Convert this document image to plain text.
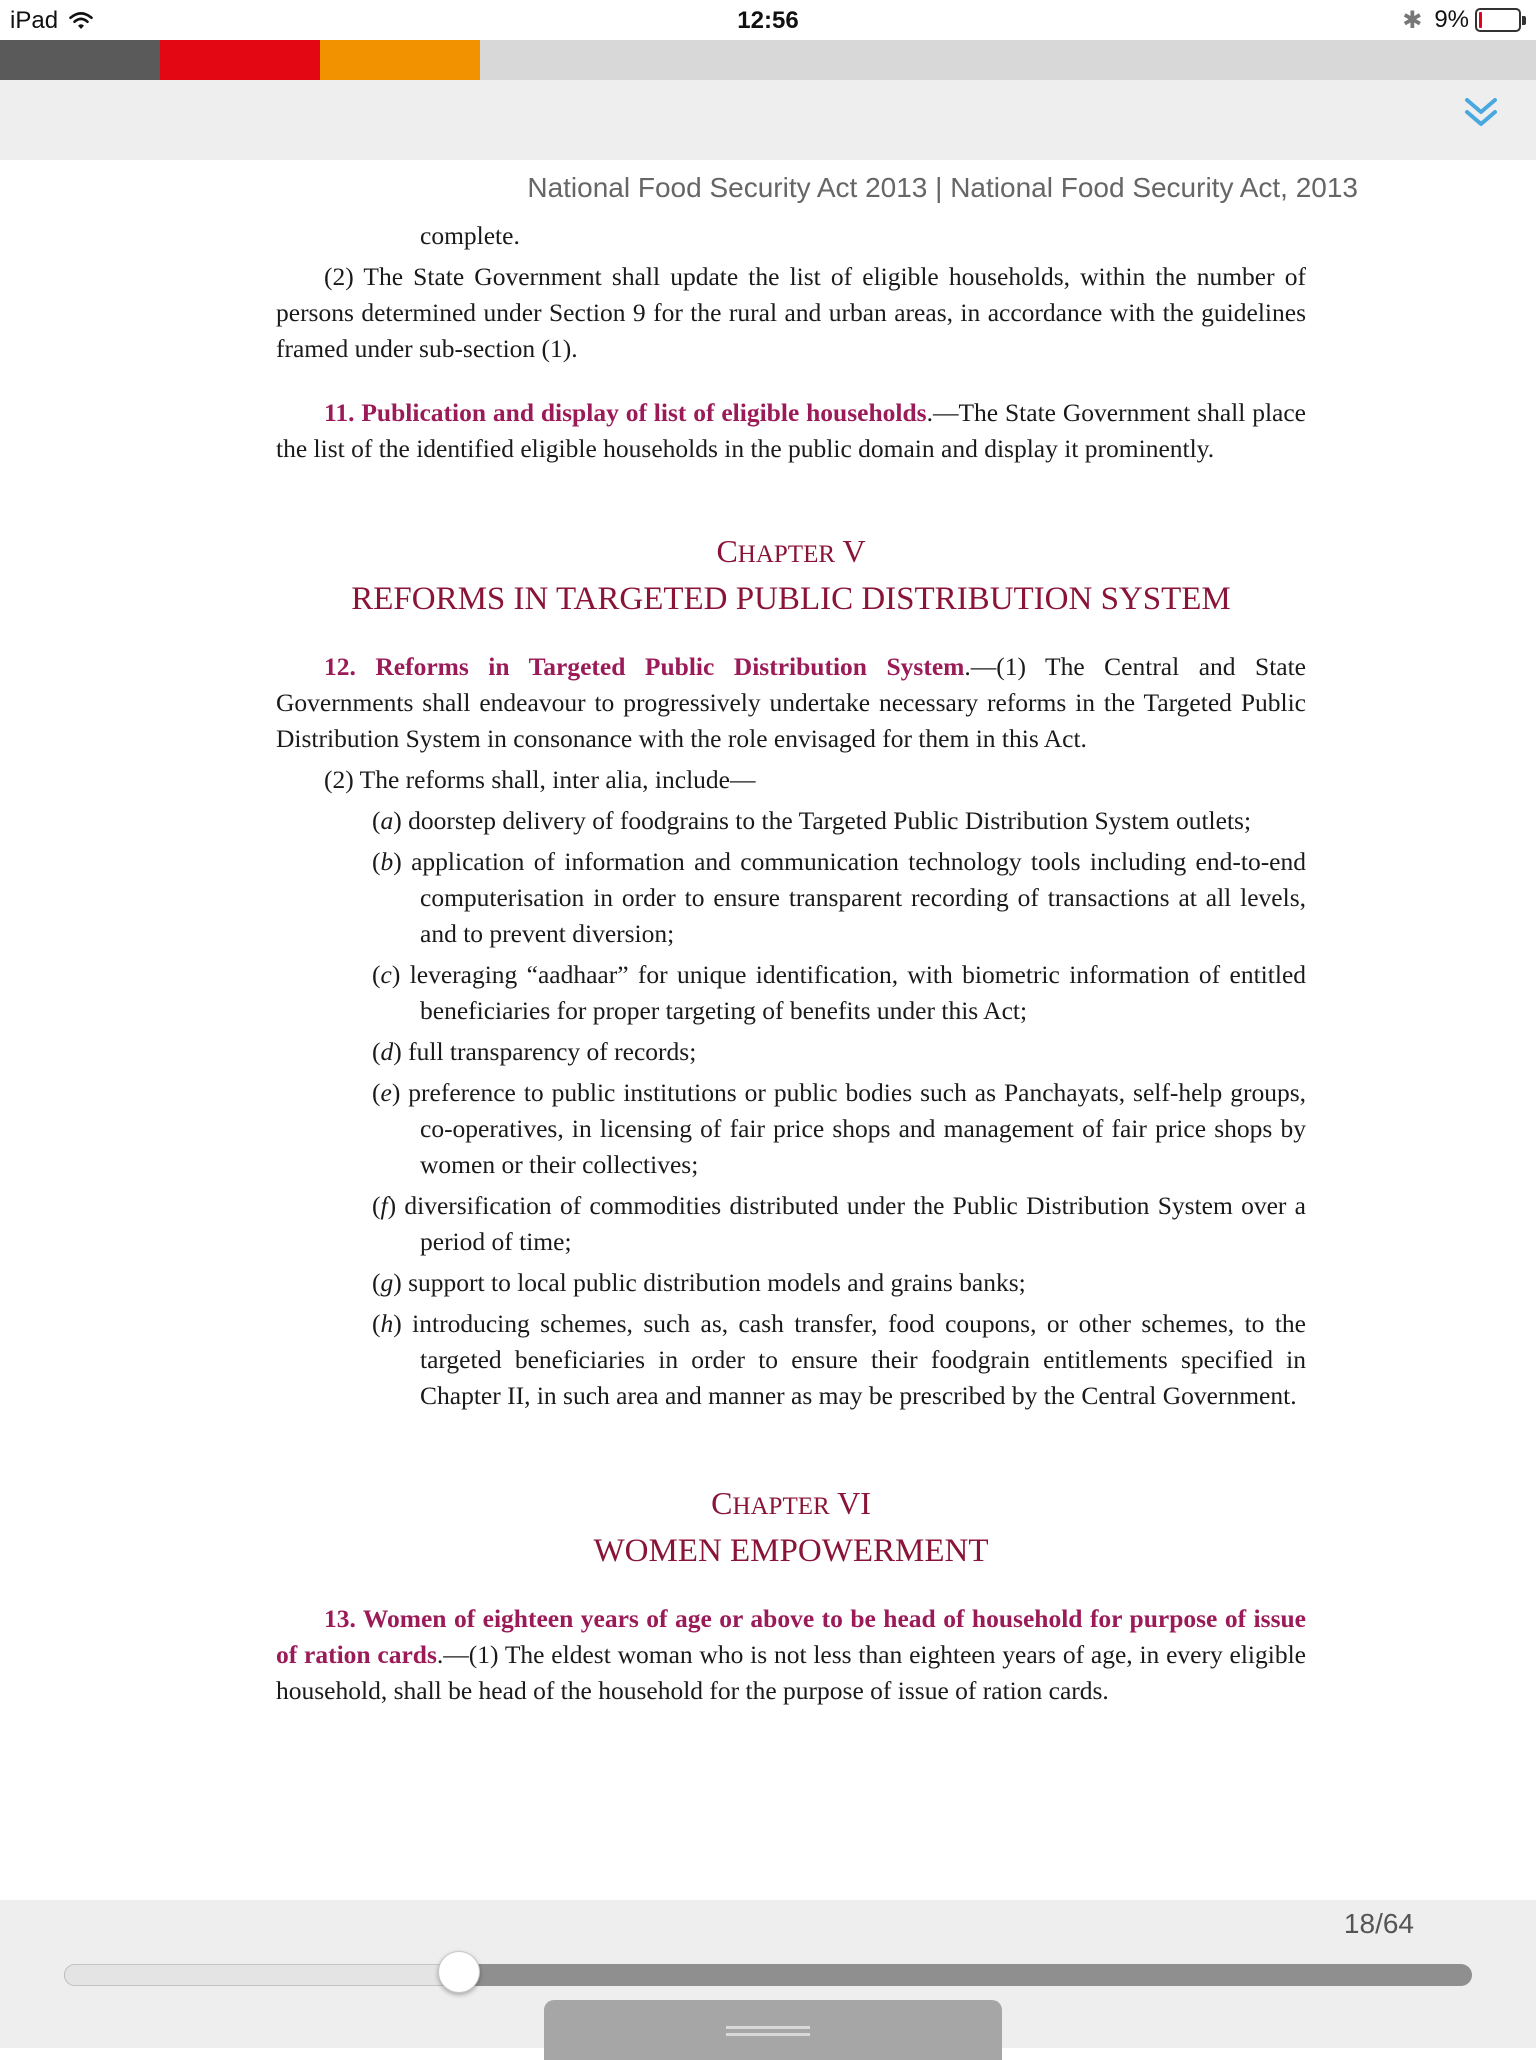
iPad	12:56	✱ 9%
National Food Security Act 2013 | National Food Security Act, 2013

complete.

(2) The State Government shall update the list of eligible households, within the number of persons determined under Section 9 for the rural and urban areas, in accordance with the guidelines framed under sub-section (1).

11. Publication and display of list of eligible households.—The State Government shall place the list of the identified eligible households in the public domain and display it prominently.

CHAPTER V

REFORMS IN TARGETED PUBLIC DISTRIBUTION SYSTEM

12. Reforms in Targeted Public Distribution System.—(1) The Central and State Governments shall endeavour to progressively undertake necessary reforms in the Targeted Public Distribution System in consonance with the role envisaged for them in this Act.

(2) The reforms shall, inter alia, include—

(a) doorstep delivery of foodgrains to the Targeted Public Distribution System outlets;

(b) application of information and communication technology tools including end-to-end computerisation in order to ensure transparent recording of transactions at all levels, and to prevent diversion;

(c) leveraging “aadhaar” for unique identification, with biometric information of entitled beneficiaries for proper targeting of benefits under this Act;

(d) full transparency of records;

(e) preference to public institutions or public bodies such as Panchayats, self-help groups, co-operatives, in licensing of fair price shops and management of fair price shops by women or their collectives;

(f) diversification of commodities distributed under the Public Distribution System over a period of time;

(g) support to local public distribution models and grains banks;

(h) introducing schemes, such as, cash transfer, food coupons, or other schemes, to the targeted beneficiaries in order to ensure their foodgrain entitlements specified in Chapter II, in such area and manner as may be prescribed by the Central Government.

CHAPTER VI

WOMEN EMPOWERMENT

13. Women of eighteen years of age or above to be head of household for purpose of issue of ration cards.—(1) The eldest woman who is not less than eighteen years of age, in every eligible household, shall be head of the household for the purpose of issue of ration cards.

18/64
